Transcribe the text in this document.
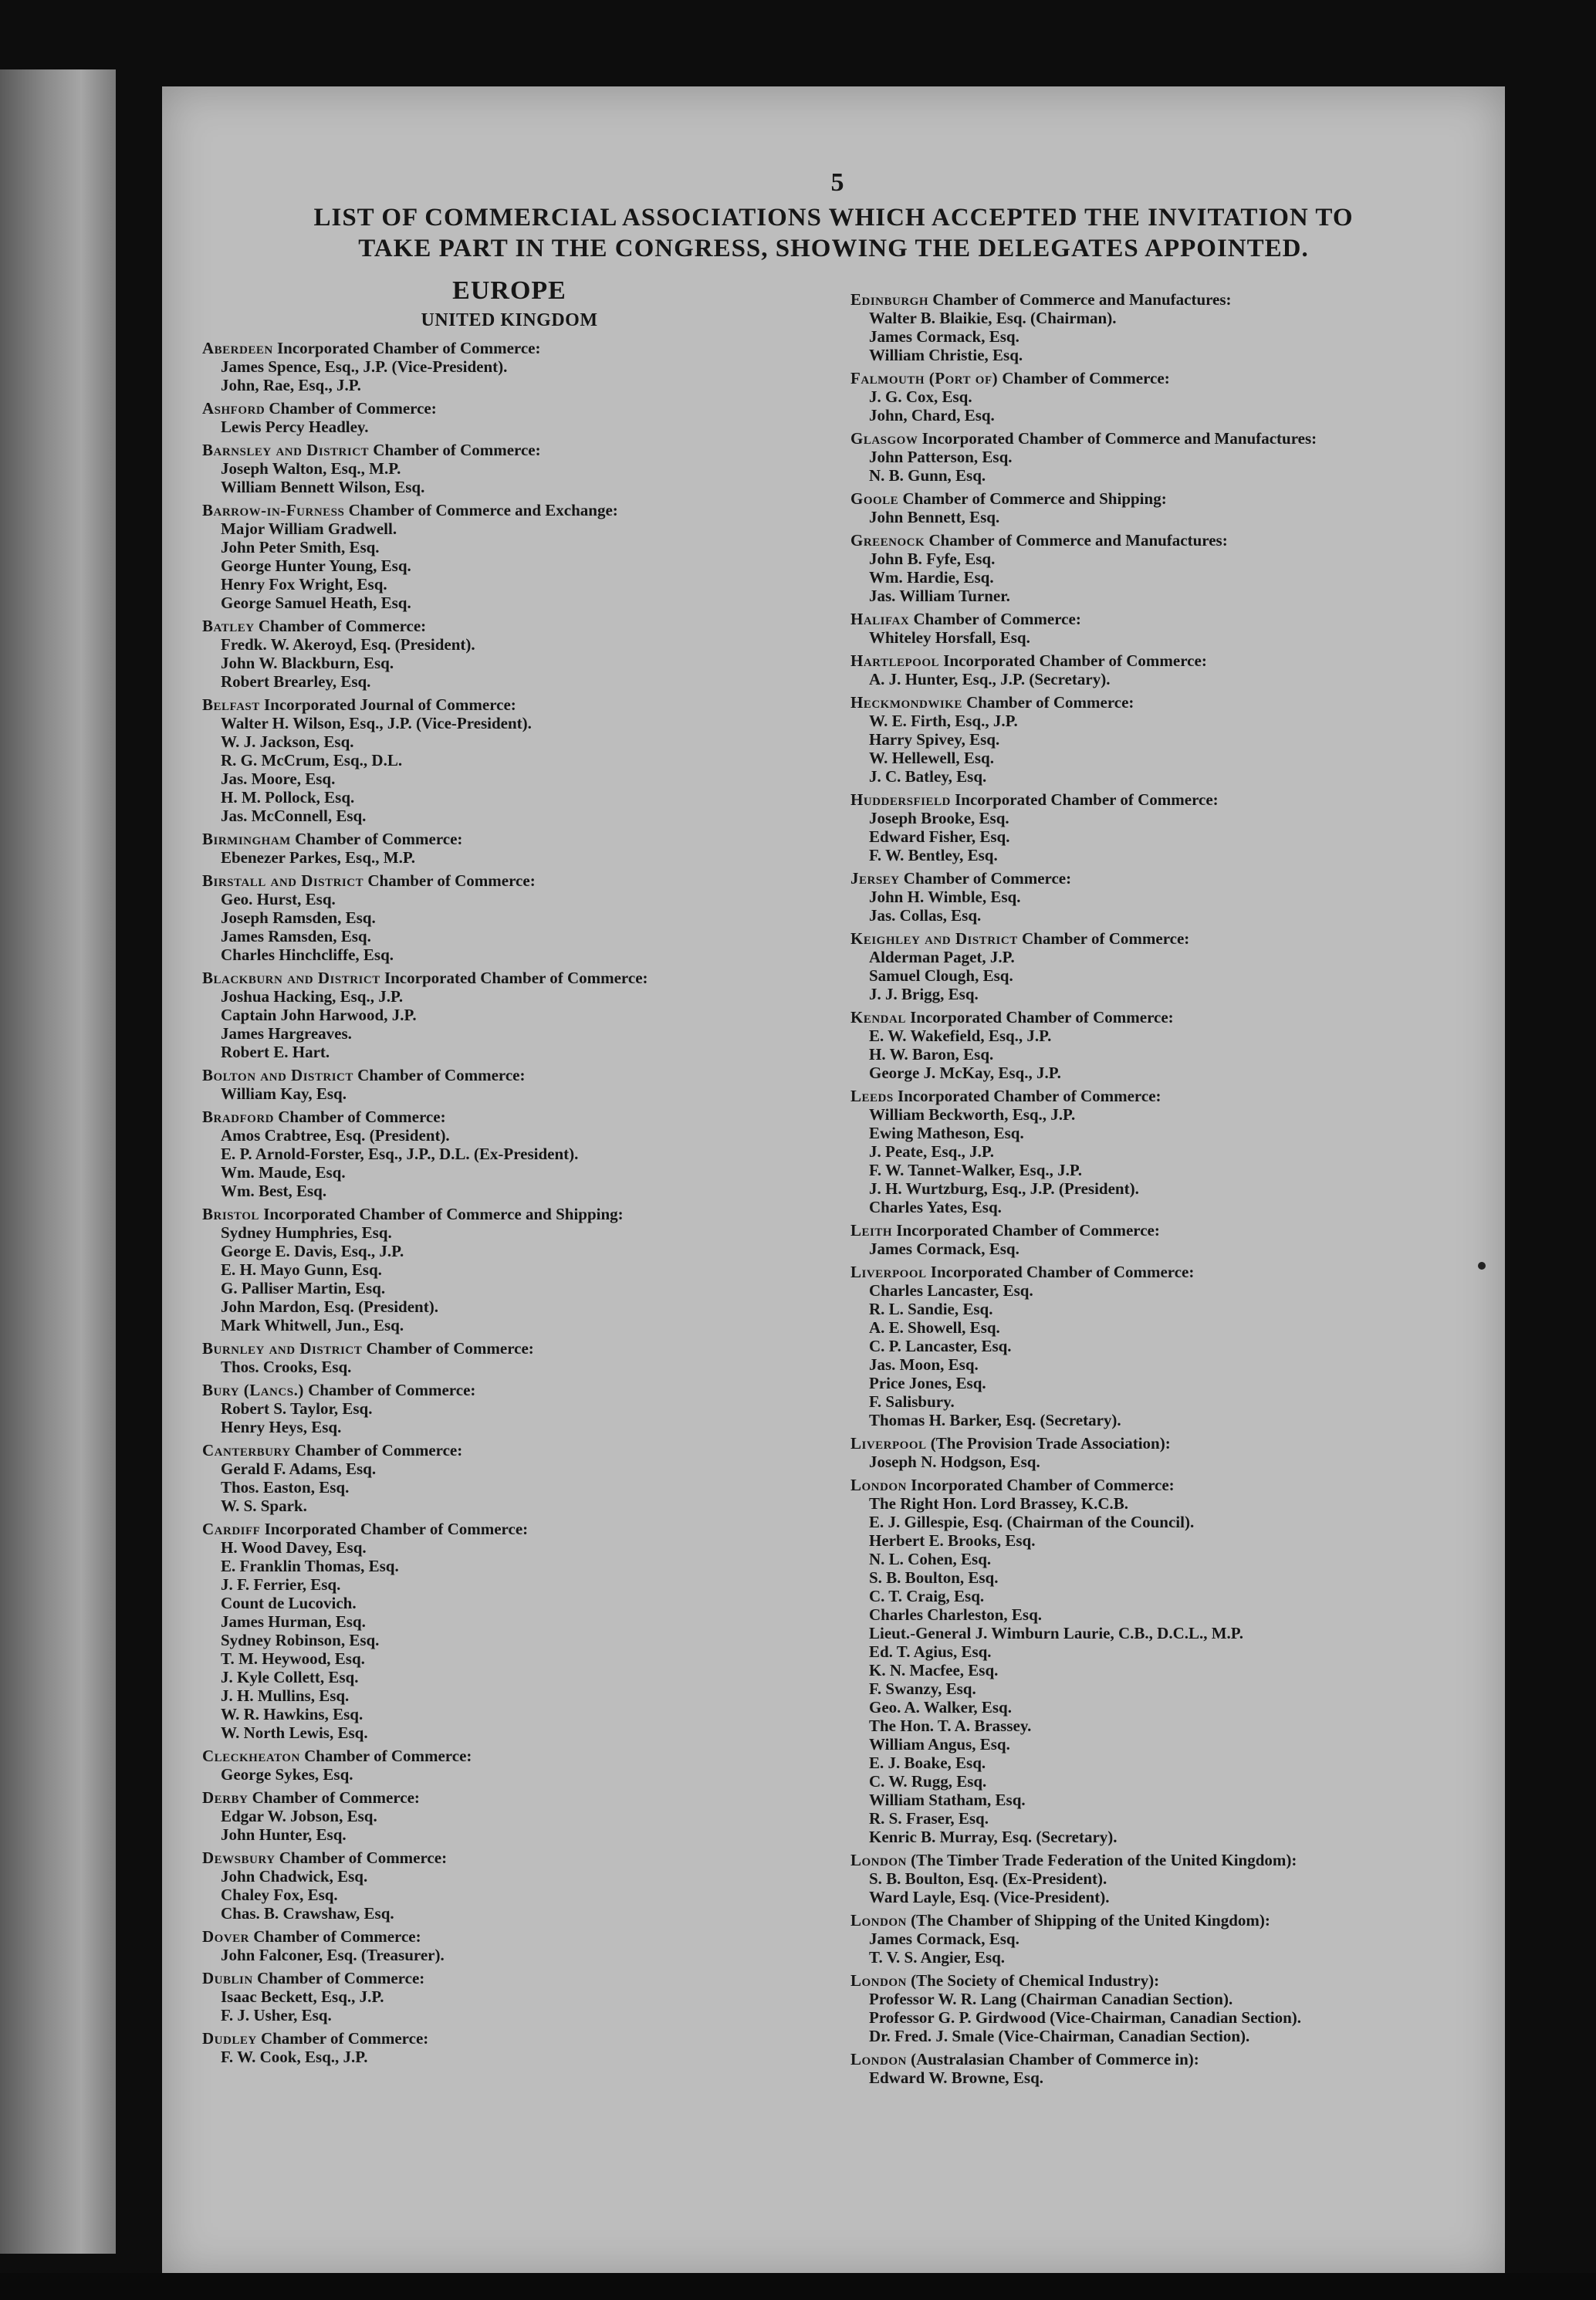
5
LIST OF COMMERCIAL ASSOCIATIONS WHICH ACCEPTED THE INVITATION TO
TAKE PART IN THE CONGRESS, SHOWING THE DELEGATES APPOINTED.
EUROPE
UNITED KINGDOM
Aberdeen Incorporated Chamber of Commerce:
James Spence, Esq., J.P. (Vice-President).
John, Rae, Esq., J.P.
Ashford Chamber of Commerce:
Lewis Percy Headley.
Barnsley and District Chamber of Commerce:
Joseph Walton, Esq., M.P.
William Bennett Wilson, Esq.
Barrow-in-Furness Chamber of Commerce and Exchange:
Major William Gradwell.
John Peter Smith, Esq.
George Hunter Young, Esq.
Henry Fox Wright, Esq.
George Samuel Heath, Esq.
Batley Chamber of Commerce:
Fredk. W. Akeroyd, Esq. (President).
John W. Blackburn, Esq.
Robert Brearley, Esq.
Belfast Incorporated Journal of Commerce:
Walter H. Wilson, Esq., J.P. (Vice-President).
W. J. Jackson, Esq.
R. G. McCrum, Esq., D.L.
Jas. Moore, Esq.
H. M. Pollock, Esq.
Jas. McConnell, Esq.
Birmingham Chamber of Commerce:
Ebenezer Parkes, Esq., M.P.
Birstall and District Chamber of Commerce:
Geo. Hurst, Esq.
Joseph Ramsden, Esq.
James Ramsden, Esq.
Charles Hinchcliffe, Esq.
Blackburn and District Incorporated Chamber of Commerce:
Joshua Hacking, Esq., J.P.
Captain John Harwood, J.P.
James Hargreaves.
Robert E. Hart.
Bolton and District Chamber of Commerce:
William Kay, Esq.
Bradford Chamber of Commerce:
Amos Crabtree, Esq. (President).
E. P. Arnold-Forster, Esq., J.P., D.L. (Ex-President).
Wm. Maude, Esq.
Wm. Best, Esq.
Bristol Incorporated Chamber of Commerce and Shipping:
Sydney Humphries, Esq.
George E. Davis, Esq., J.P.
E. H. Mayo Gunn, Esq.
G. Palliser Martin, Esq.
John Mardon, Esq. (President).
Mark Whitwell, Jun., Esq.
Burnley and District Chamber of Commerce:
Thos. Crooks, Esq.
Bury (Lancs.) Chamber of Commerce:
Robert S. Taylor, Esq.
Henry Heys, Esq.
Canterbury Chamber of Commerce:
Gerald F. Adams, Esq.
Thos. Easton, Esq.
W. S. Spark.
Cardiff Incorporated Chamber of Commerce:
H. Wood Davey, Esq.
E. Franklin Thomas, Esq.
J. F. Ferrier, Esq.
Count de Lucovich.
James Hurman, Esq.
Sydney Robinson, Esq.
T. M. Heywood, Esq.
J. Kyle Collett, Esq.
J. H. Mullins, Esq.
W. R. Hawkins, Esq.
W. North Lewis, Esq.
Cleckheaton Chamber of Commerce:
George Sykes, Esq.
Derby Chamber of Commerce:
Edgar W. Jobson, Esq.
John Hunter, Esq.
Dewsbury Chamber of Commerce:
John Chadwick, Esq.
Chaley Fox, Esq.
Chas. B. Crawshaw, Esq.
Dover Chamber of Commerce:
John Falconer, Esq. (Treasurer).
Dublin Chamber of Commerce:
Isaac Beckett, Esq., J.P.
F. J. Usher, Esq.
Dudley Chamber of Commerce:
F. W. Cook, Esq., J.P.
Edinburgh Chamber of Commerce and Manufactures:
Walter B. Blaikie, Esq. (Chairman).
James Cormack, Esq.
William Christie, Esq.
Falmouth (Port of) Chamber of Commerce:
J. G. Cox, Esq.
John, Chard, Esq.
Glasgow Incorporated Chamber of Commerce and Manufactures:
John Patterson, Esq.
N. B. Gunn, Esq.
Goole Chamber of Commerce and Shipping:
John Bennett, Esq.
Greenock Chamber of Commerce and Manufactures:
John B. Fyfe, Esq.
Wm. Hardie, Esq.
Jas. William Turner.
Halifax Chamber of Commerce:
Whiteley Horsfall, Esq.
Hartlepool Incorporated Chamber of Commerce:
A. J. Hunter, Esq., J.P. (Secretary).
Heckmondwike Chamber of Commerce:
W. E. Firth, Esq., J.P.
Harry Spivey, Esq.
W. Hellewell, Esq.
J. C. Batley, Esq.
Huddersfield Incorporated Chamber of Commerce:
Joseph Brooke, Esq.
Edward Fisher, Esq.
F. W. Bentley, Esq.
Jersey Chamber of Commerce:
John H. Wimble, Esq.
Jas. Collas, Esq.
Keighley and District Chamber of Commerce:
Alderman Paget, J.P.
Samuel Clough, Esq.
J. J. Brigg, Esq.
Kendal Incorporated Chamber of Commerce:
E. W. Wakefield, Esq., J.P.
H. W. Baron, Esq.
George J. McKay, Esq., J.P.
Leeds Incorporated Chamber of Commerce:
William Beckworth, Esq., J.P.
Ewing Matheson, Esq.
J. Peate, Esq., J.P.
F. W. Tannet-Walker, Esq., J.P.
J. H. Wurtzburg, Esq., J.P. (President).
Charles Yates, Esq.
Leith Incorporated Chamber of Commerce:
James Cormack, Esq.
Liverpool Incorporated Chamber of Commerce:
Charles Lancaster, Esq.
R. L. Sandie, Esq.
A. E. Showell, Esq.
C. P. Lancaster, Esq.
Jas. Moon, Esq.
Price Jones, Esq.
F. Salisbury.
Thomas H. Barker, Esq. (Secretary).
Liverpool (The Provision Trade Association):
Joseph N. Hodgson, Esq.
London Incorporated Chamber of Commerce:
The Right Hon. Lord Brassey, K.C.B.
E. J. Gillespie, Esq. (Chairman of the Council).
Herbert E. Brooks, Esq.
N. L. Cohen, Esq.
S. B. Boulton, Esq.
C. T. Craig, Esq.
Charles Charleston, Esq.
Lieut.-General J. Wimburn Laurie, C.B., D.C.L., M.P.
Ed. T. Agius, Esq.
K. N. Macfee, Esq.
F. Swanzy, Esq.
Geo. A. Walker, Esq.
The Hon. T. A. Brassey.
William Angus, Esq.
E. J. Boake, Esq.
C. W. Rugg, Esq.
William Statham, Esq.
R. S. Fraser, Esq.
Kenric B. Murray, Esq. (Secretary).
London (The Timber Trade Federation of the United Kingdom):
S. B. Boulton, Esq. (Ex-President).
Ward Layle, Esq. (Vice-President).
London (The Chamber of Shipping of the United Kingdom):
James Cormack, Esq.
T. V. S. Angier, Esq.
London (The Society of Chemical Industry):
Professor W. R. Lang (Chairman Canadian Section).
Professor G. P. Girdwood (Vice-Chairman, Canadian Section).
Dr. Fred. J. Smale (Vice-Chairman, Canadian Section).
London (Australasian Chamber of Commerce in):
Edward W. Browne, Esq.
